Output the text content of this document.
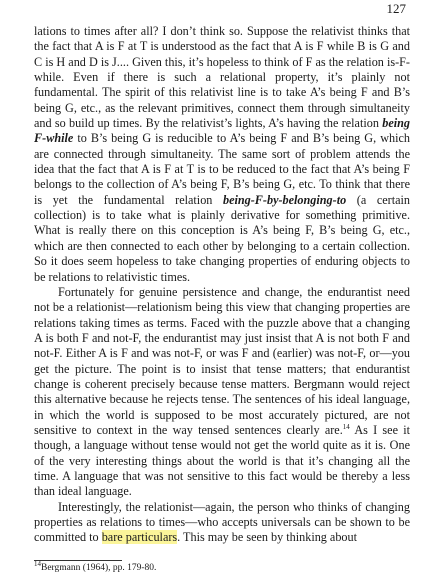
127

lations to times after all? I don’t think so. Suppose the relativist thinks that the fact that A is F at T is understood as the fact that A is F while B is G and C is H and D is J.... Given this, it’s hopeless to think of F as the relation is-F-while. Even if there is such a relational property, it’s plainly not fundamental. The spirit of this relativist line is to take A’s being F and B’s being G, etc., as the relevant primitives, connect them through simultaneity and so build up times. By the relativist’s lights, A’s having the relation being F-while to B’s being G is reducible to A’s being F and B’s being G, which are connected through simultaneity. The same sort of problem attends the idea that the fact that A is F at T is to be reduced to the fact that A’s being F belongs to the collection of A’s being F, B’s being G, etc. To think that there is yet the fundamental relation being-F-by-belonging-to (a certain collection) is to take what is plainly derivative for something primitive. What is really there on this conception is A’s being F, B’s being G, etc., which are then connected to each other by belonging to a certain collection. So it does seem hopeless to take changing properties of enduring objects to be relations to relativistic times.

Fortunately for genuine persistence and change, the endurantist need not be a relationist—relationism being this view that changing properties are relations taking times as terms. Faced with the puzzle above that a changing A is both F and not-F, the endurantist may just insist that A is not both F and not-F. Either A is F and was not-F, or was F and (earlier) was not-F, or—you get the picture. The point is to insist that tense matters; that endurantist change is coherent precisely because tense matters. Bergmann would reject this alternative because he rejects tense. The sentences of his ideal language, in which the world is supposed to be most accurately pictured, are not sensitive to context in the way tensed sentences clearly are.$^{14}$ As I see it though, a language without tense would not get the world quite as it is. One of the very interesting things about the world is that it’s changing all the time. A language that was not sensitive to this fact would be thereby a less than ideal language.

Interestingly, the relationist—again, the person who thinks of changing properties as relations to times—who accepts universals can be shown to be committed to bare particulars. This may be seen by thinking about

$^{14}$Bergmann (1964), pp. 179-80.
